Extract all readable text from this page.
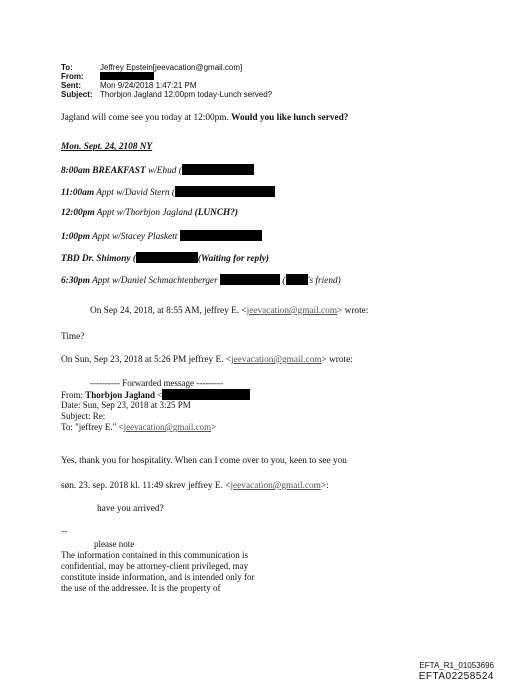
To:	Jeffrey Epstein[jeevacation@gmail.com]
From:
Sent: Mon 9/24/2018 1:47:21 PM
Subject: Thorbjon Jagland 12:00pm today-Lunch served?
Jagland will come see you today at 12:00pm. Would you like lunch served?
Mon. Sept. 24, 2108 NY
8:00am BREAKFAST w/Ehud (
11:00am Appt w/David Stern (
12:00pm Appt w/Thorbjon Jagland (LUNCH?)
1:00pm Appt w/Stacey Plaskett
TBD Dr. Shimony (	(Waiting for reply)
6:30pm Appt w/Daniel Schmachtenberger	( 's friend)
On Sep 24, 2018, at 8:55 AM, jeffrey E. <jeevacation@gmail.com> wrote:
Time?
On Sun, Sep 23, 2018 at 5:26 PM jeffrey E. <jeevacation@gmail.com> wrote:
---------- Forwarded message ---------
From: Thorbjon Jagland <
Date: Sun, Sep 23, 2018 at 3:25 PM
Subject: Re:
To: "jeffrey E." <jeevacation@gmail.com>
Yes, thank you for hospitality. When can I come over to you, keen to see you
søn. 23. sep. 2018 kl. 11:49 skrev jeffrey E. <jeevacation@gmail.com>:
have you arrived?
--
please note
The information contained in this communication is
confidential, may be attorney-client privileged, may
constitute inside information, and is intended only for
the use of the addressee. It is the property of
EFTA_R1_01053696
EFTA02258524
